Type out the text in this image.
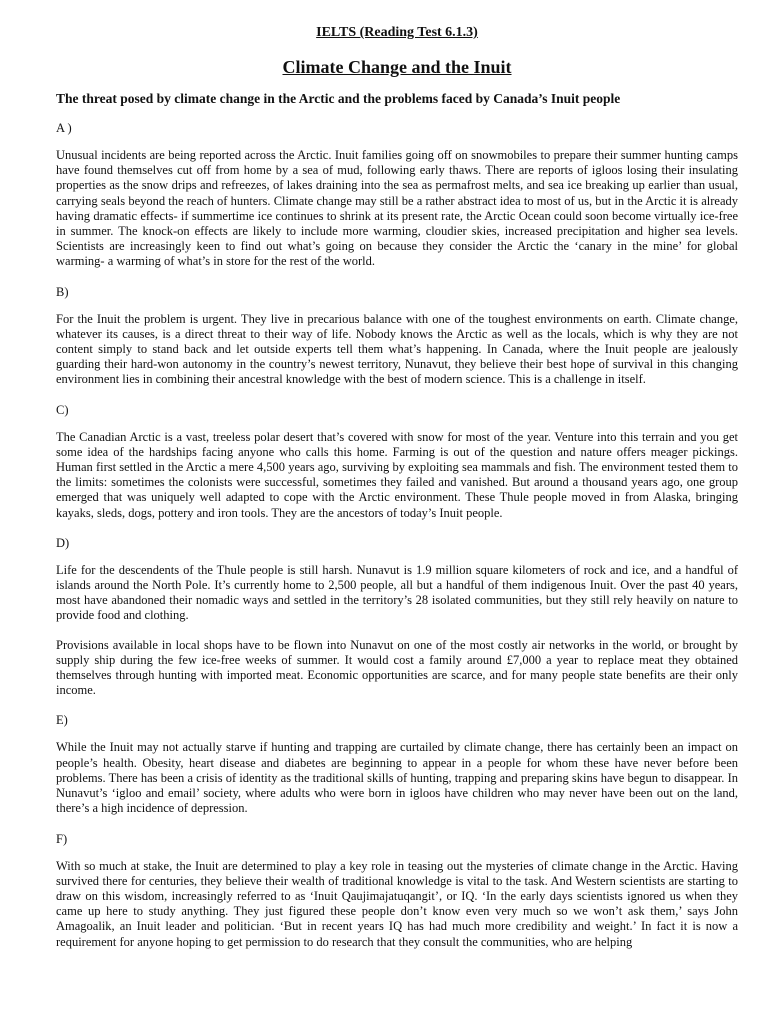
IELTS (Reading Test 6.1.3)
Climate Change and the Inuit
The threat posed by climate change in the Arctic and the problems faced by Canada’s Inuit people
A )

Unusual incidents are being reported across the Arctic. Inuit families going off on snowmobiles to prepare their summer hunting camps have found themselves cut off from home by a sea of mud, following early thaws. There are reports of igloos losing their insulating properties as the snow drips and refreezes, of lakes draining into the sea as permafrost melts, and sea ice breaking up earlier than usual, carrying seals beyond the reach of hunters. Climate change may still be a rather abstract idea to most of us, but in the Arctic it is already having dramatic effects- if summertime ice continues to shrink at its present rate, the Arctic Ocean could soon become virtually ice-free in summer. The knock-on effects are likely to include more warming, cloudier skies, increased precipitation and higher sea levels. Scientists are increasingly keen to find out what’s going on because they consider the Arctic the ‘canary in the mine’ for global warming- a warming of what’s in store for the rest of the world.

B)

For the Inuit the problem is urgent. They live in precarious balance with one of the toughest environments on earth. Climate change, whatever its causes, is a direct threat to their way of life. Nobody knows the Arctic as well as the locals, which is why they are not content simply to stand back and let outside experts tell them what’s happening. In Canada, where the Inuit people are jealously guarding their hard-won autonomy in the country’s newest territory, Nunavut, they believe their best hope of survival in this changing environment lies in combining their ancestral knowledge with the best of modern science. This is a challenge in itself.

C)

The Canadian Arctic is a vast, treeless polar desert that’s covered with snow for most of the year. Venture into this terrain and you get some idea of the hardships facing anyone who calls this home. Farming is out of the question and nature offers meager pickings. Human first settled in the Arctic a mere 4,500 years ago, surviving by exploiting sea mammals and fish. The environment tested them to the limits: sometimes the colonists were successful, sometimes they failed and vanished. But around a thousand years ago, one group emerged that was uniquely well adapted to cope with the Arctic environment. These Thule people moved in from Alaska, bringing kayaks, sleds, dogs, pottery and iron tools. They are the ancestors of today’s Inuit people.

D)

Life for the descendents of the Thule people is still harsh. Nunavut is 1.9 million square kilometers of rock and ice, and a handful of islands around the North Pole. It’s currently home to 2,500 people, all but a handful of them indigenous Inuit. Over the past 40 years, most have abandoned their nomadic ways and settled in the territory’s 28 isolated communities, but they still rely heavily on nature to provide food and clothing.

Provisions available in local shops have to be flown into Nunavut on one of the most costly air networks in the world, or brought by supply ship during the few ice-free weeks of summer. It would cost a family around £7,000 a year to replace meat they obtained themselves through hunting with imported meat. Economic opportunities are scarce, and for many people state benefits are their only income.

E)

While the Inuit may not actually starve if hunting and trapping are curtailed by climate change, there has certainly been an impact on people’s health. Obesity, heart disease and diabetes are beginning to appear in a people for whom these have never before been problems. There has been a crisis of identity as the traditional skills of hunting, trapping and preparing skins have begun to disappear. In Nunavut’s ‘igloo and email’ society, where adults who were born in igloos have children who may never have been out on the land, there’s a high incidence of depression.

F)

With so much at stake, the Inuit are determined to play a key role in teasing out the mysteries of climate change in the Arctic. Having survived there for centuries, they believe their wealth of traditional knowledge is vital to the task. And Western scientists are starting to draw on this wisdom, increasingly referred to as ‘Inuit Qaujimajatuqangit’, or IQ. ‘In the early days scientists ignored us when they came up here to study anything. They just figured these people don’t know even very much so we won’t ask them,’ says John Amagoalik, an Inuit leader and politician. ‘But in recent years IQ has had much more credibility and weight.’ In fact it is now a requirement for anyone hoping to get permission to do research that they consult the communities, who are helping
